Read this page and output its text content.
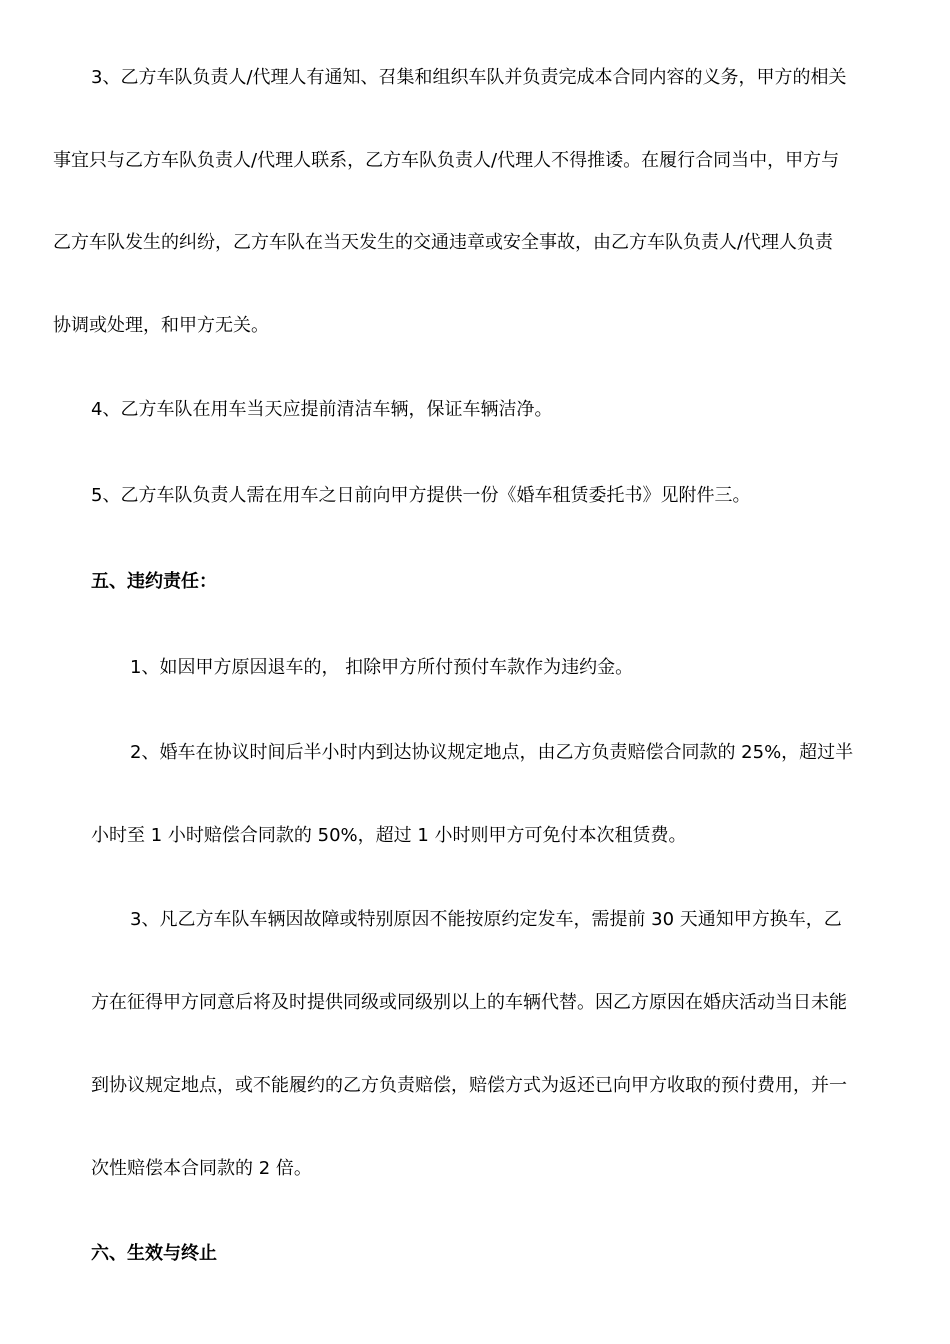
3、乙方车队负责人/代理人有通知、召集和组织车队并负责完成本合同内容的义务，甲方的相关
事宜只与乙方车队负责人/代理人联系，乙方车队负责人/代理人不得推诿。在履行合同当中，甲方与
乙方车队发生的纠纷，乙方车队在当天发生的交通违章或安全事故，由乙方车队负责人/代理人负责
协调或处理，和甲方无关。
4、乙方车队在用车当天应提前清洁车辆，保证车辆洁净。
5、乙方车队负责人需在用车之日前向甲方提供一份《婚车租赁委托书》见附件三。
五、违约责任：
1、如因甲方原因退车的， 扣除甲方所付预付车款作为违约金。
2、婚车在协议时间后半小时内到达协议规定地点，由乙方负责赔偿合同款的 25%，超过半
小时至 1 小时赔偿合同款的 50%，超过 1 小时则甲方可免付本次租赁费。
3、凡乙方车队车辆因故障或特别原因不能按原约定发车，需提前 30 天通知甲方换车，乙
方在征得甲方同意后将及时提供同级或同级别以上的车辆代替。因乙方原因在婚庆活动当日未能
到协议规定地点，或不能履约的乙方负责赔偿，赔偿方式为返还已向甲方收取的预付费用，并一
次性赔偿本合同款的 2 倍。
六、生效与终止
